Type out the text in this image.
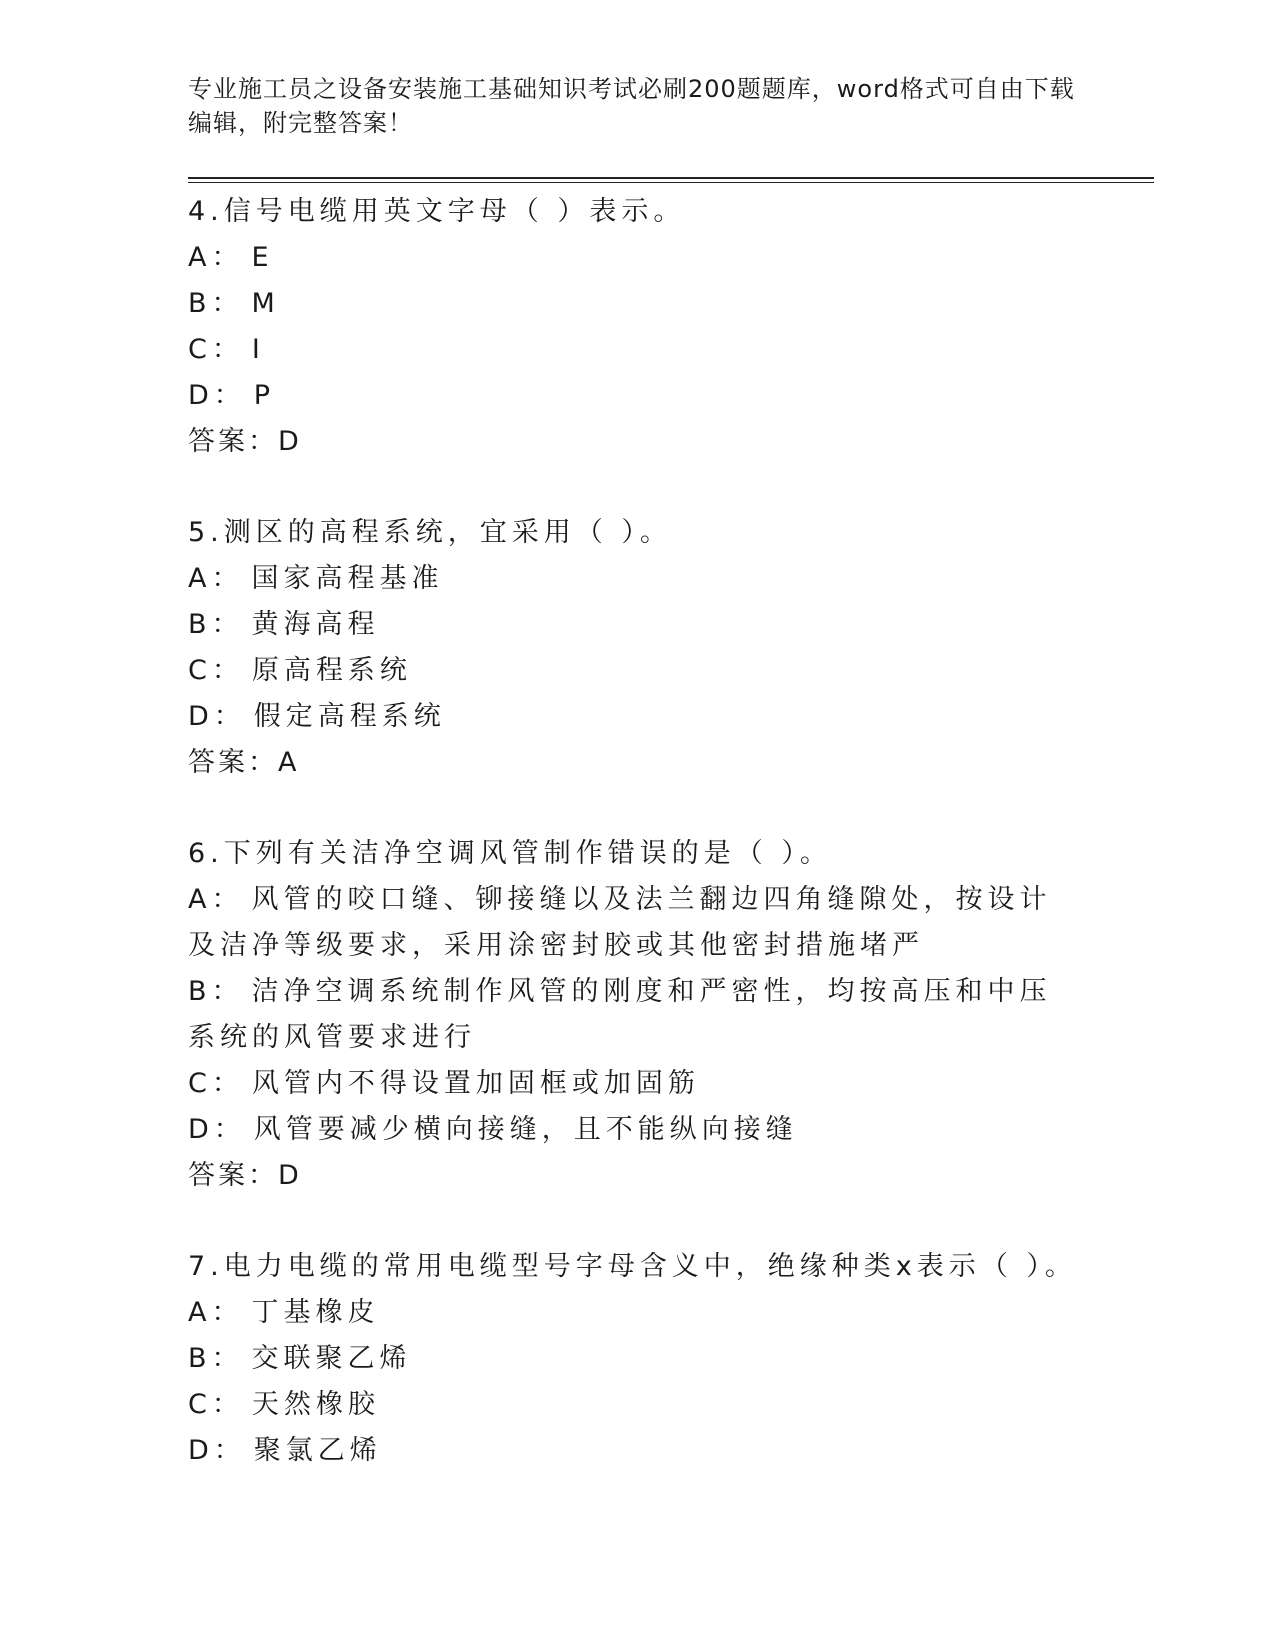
专业施工员之设备安装施工基础知识考试必刷200题题库，word格式可自由下载编辑，附完整答案！
4.信号电缆用英文字母（ ）表示。
A： E
B： M
C： I
D： P
答案：D
5.测区的高程系统，宜采用（ ）。
A： 国家高程基准
B： 黄海高程
C： 原高程系统
D： 假定高程系统
答案：A
6.下列有关洁净空调风管制作错误的是（ ）。
A： 风管的咬口缝、铆接缝以及法兰翻边四角缝隙处，按设计及洁净等级要求，采用涂密封胶或其他密封措施堵严
B： 洁净空调系统制作风管的刚度和严密性，均按高压和中压系统的风管要求进行
C： 风管内不得设置加固框或加固筋
D： 风管要减少横向接缝，且不能纵向接缝
答案：D
7.电力电缆的常用电缆型号字母含义中，绝缘种类x表示（ ）。
A： 丁基橡皮
B： 交联聚乙烯
C： 天然橡胶
D： 聚氯乙烯
